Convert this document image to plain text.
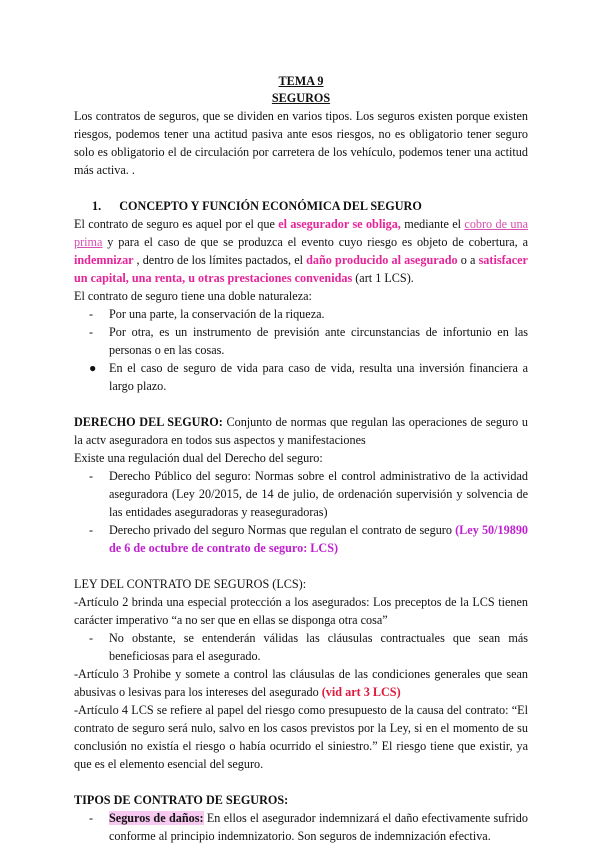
TEMA 9
SEGUROS

Los contratos de seguros, que se dividen en varios tipos. Los seguros existen porque existen riesgos, podemos tener una actitud pasiva ante esos riesgos, no es obligatorio tener seguro solo es obligatorio el de circulación por carretera de los vehículo, podemos tener una actitud más activa. .

1. CONCEPTO Y FUNCIÓN ECONÓMICA DEL SEGURO

El contrato de seguro es aquel por el que el asegurador se obliga, mediante el cobro de una prima y para el caso de que se produzca el evento cuyo riesgo es objeto de cobertura, a indemnizar , dentro de los límites pactados, el daño producido al asegurado o a satisfacer un capital, una renta, u otras prestaciones convenidas (art 1 LCS).

El contrato de seguro tiene una doble naturaleza:

- Por una parte, la conservación de la riqueza.
- Por otra, es un instrumento de previsión ante circunstancias de infortunio en las personas o en las cosas.
● En el caso de seguro de vida para caso de vida, resulta una inversión financiera a largo plazo.

DERECHO DEL SEGURO: Conjunto de normas que regulan las operaciones de seguro u la actv aseguradora en todos sus aspectos y manifestaciones

Existe una regulación dual del Derecho del seguro:

- Derecho Público del seguro: Normas sobre el control administrativo de la actividad aseguradora (Ley 20/2015, de 14 de julio, de ordenación supervisión y solvencia de las entidades aseguradoras y reaseguradoras)
- Derecho privado del seguro Normas que regulan el contrato de seguro (Ley 50/19890 de 6 de octubre de contrato de seguro: LCS)

LEY DEL CONTRATO DE SEGUROS (LCS):

-Artículo 2 brinda una especial protección a los asegurados: Los preceptos de la LCS tienen carácter imperativo “a no ser que en ellas se disponga otra cosa”

- No obstante, se entenderán válidas las cláusulas contractuales que sean más beneficiosas para el asegurado.

-Artículo 3 Prohibe y somete a control las cláusulas de las condiciones generales que sean abusivas o lesivas para los intereses del asegurado (vid art 3 LCS)

-Artículo 4 LCS se refiere al papel del riesgo como presupuesto de la causa del contrato: “El contrato de seguro será nulo, salvo en los casos previstos por la Ley, si en el momento de su conclusión no existía el riesgo o había ocurrido el siniestro.” El riesgo tiene que existir, ya que es el elemento esencial del seguro.

TIPOS DE CONTRATO DE SEGUROS:
- Seguros de daños: En ellos el asegurador indemnizará el daño efectivamente sufrido conforme al principio indemnizatorio. Son seguros de indemnización efectiva.
